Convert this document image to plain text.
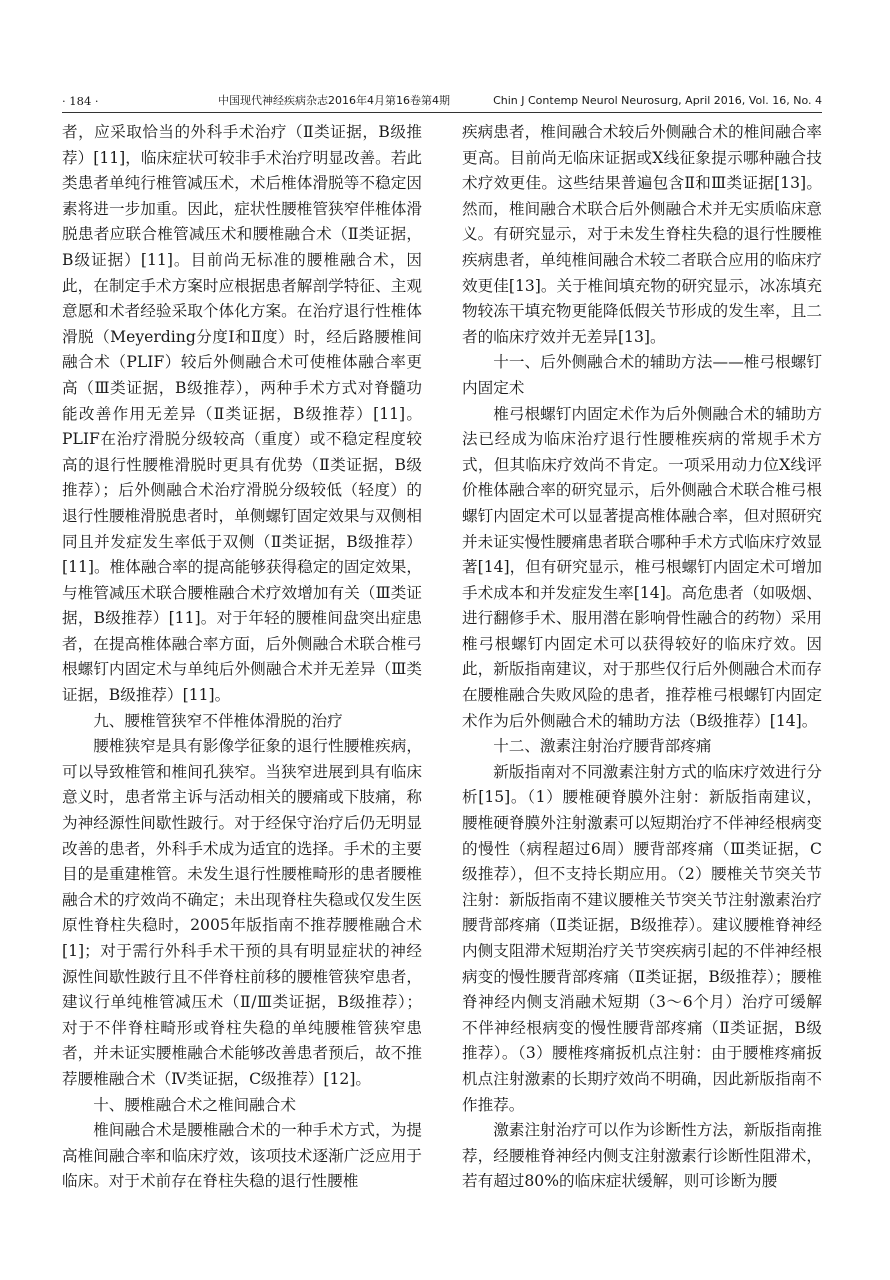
· 184 ·	中国现代神经疾病杂志2016年4月第16卷第4期	Chin J Contemp Neurol Neurosurg, April 2016, Vol. 16, No. 4

者，应采取恰当的外科手术治疗（Ⅱ类证据，B级推荐）[11]，临床症状可较非手术治疗明显改善。若此类患者单纯行椎管减压术，术后椎体滑脱等不稳定因素将进一步加重。因此，症状性腰椎管狭窄伴椎体滑脱患者应联合椎管减压术和腰椎融合术（Ⅱ类证据，B级证据）[11]。目前尚无标准的腰椎融合术，因此，在制定手术方案时应根据患者解剖学特征、主观意愿和术者经验采取个体化方案。在治疗退行性椎体滑脱（Meyerding分度Ⅰ和Ⅱ度）时，经后路腰椎间融合术（PLIF）较后外侧融合术可使椎体融合率更高（Ⅲ类证据，B级推荐），两种手术方式对脊髓功能改善作用无差异（Ⅱ类证据，B级推荐）[11]。PLIF在治疗滑脱分级较高（重度）或不稳定程度较高的退行性腰椎滑脱时更具有优势（Ⅱ类证据，B级推荐）；后外侧融合术治疗滑脱分级较低（轻度）的退行性腰椎滑脱患者时，单侧螺钉固定效果与双侧相同且并发症发生率低于双侧（Ⅱ类证据，B级推荐）[11]。椎体融合率的提高能够获得稳定的固定效果，与椎管减压术联合腰椎融合术疗效增加有关（Ⅲ类证据，B级推荐）[11]。对于年轻的腰椎间盘突出症患者，在提高椎体融合率方面，后外侧融合术联合椎弓根螺钉内固定术与单纯后外侧融合术并无差异（Ⅲ类证据，B级推荐）[11]。

九、腰椎管狭窄不伴椎体滑脱的治疗

腰椎狭窄是具有影像学征象的退行性腰椎疾病，可以导致椎管和椎间孔狭窄。当狭窄进展到具有临床意义时，患者常主诉与活动相关的腰痛或下肢痛，称为神经源性间歇性跛行。对于经保守治疗后仍无明显改善的患者，外科手术成为适宜的选择。手术的主要目的是重建椎管。未发生退行性腰椎畸形的患者腰椎融合术的疗效尚不确定；未出现脊柱失稳或仅发生医原性脊柱失稳时，2005年版指南不推荐腰椎融合术[1]；对于需行外科手术干预的具有明显症状的神经源性间歇性跛行且不伴脊柱前移的腰椎管狭窄患者，建议行单纯椎管减压术（Ⅱ/Ⅲ类证据，B级推荐）；对于不伴脊柱畸形或脊柱失稳的单纯腰椎管狭窄患者，并未证实腰椎融合术能够改善患者预后，故不推荐腰椎融合术（Ⅳ类证据，C级推荐）[12]。

十、腰椎融合术之椎间融合术

椎间融合术是腰椎融合术的一种手术方式，为提高椎间融合率和临床疗效，该项技术逐渐广泛应用于临床。对于术前存在脊柱失稳的退行性腰椎

疾病患者，椎间融合术较后外侧融合术的椎间融合率更高。目前尚无临床证据或X线征象提示哪种融合技术疗效更佳。这些结果普遍包含Ⅱ和Ⅲ类证据[13]。然而，椎间融合术联合后外侧融合术并无实质临床意义。有研究显示，对于未发生脊柱失稳的退行性腰椎疾病患者，单纯椎间融合术较二者联合应用的临床疗效更佳[13]。关于椎间填充物的研究显示，冰冻填充物较冻干填充物更能降低假关节形成的发生率，且二者的临床疗效并无差异[13]。

十一、后外侧融合术的辅助方法——椎弓根螺钉内固定术

椎弓根螺钉内固定术作为后外侧融合术的辅助方法已经成为临床治疗退行性腰椎疾病的常规手术方式，但其临床疗效尚不肯定。一项采用动力位X线评价椎体融合率的研究显示，后外侧融合术联合椎弓根螺钉内固定术可以显著提高椎体融合率，但对照研究并未证实慢性腰痛患者联合哪种手术方式临床疗效显著[14]，但有研究显示，椎弓根螺钉内固定术可增加手术成本和并发症发生率[14]。高危患者（如吸烟、进行翻修手术、服用潜在影响骨性融合的药物）采用椎弓根螺钉内固定术可以获得较好的临床疗效。因此，新版指南建议，对于那些仅行后外侧融合术而存在腰椎融合失败风险的患者，推荐椎弓根螺钉内固定术作为后外侧融合术的辅助方法（B级推荐）[14]。

十二、激素注射治疗腰背部疼痛

新版指南对不同激素注射方式的临床疗效进行分析[15]。（1）腰椎硬脊膜外注射：新版指南建议，腰椎硬脊膜外注射激素可以短期治疗不伴神经根病变的慢性（病程超过6周）腰背部疼痛（Ⅲ类证据，C级推荐），但不支持长期应用。（2）腰椎关节突关节注射：新版指南不建议腰椎关节突关节注射激素治疗腰背部疼痛（Ⅱ类证据，B级推荐）。建议腰椎脊神经内侧支阻滞术短期治疗关节突疾病引起的不伴神经根病变的慢性腰背部疼痛（Ⅱ类证据，B级推荐）；腰椎脊神经内侧支消融术短期（3～6个月）治疗可缓解不伴神经根病变的慢性腰背部疼痛（Ⅱ类证据，B级推荐）。（3）腰椎疼痛扳机点注射：由于腰椎疼痛扳机点注射激素的长期疗效尚不明确，因此新版指南不作推荐。

激素注射治疗可以作为诊断性方法，新版指南推荐，经腰椎脊神经内侧支注射激素行诊断性阻滞术，若有超过80%的临床症状缓解，则可诊断为腰
